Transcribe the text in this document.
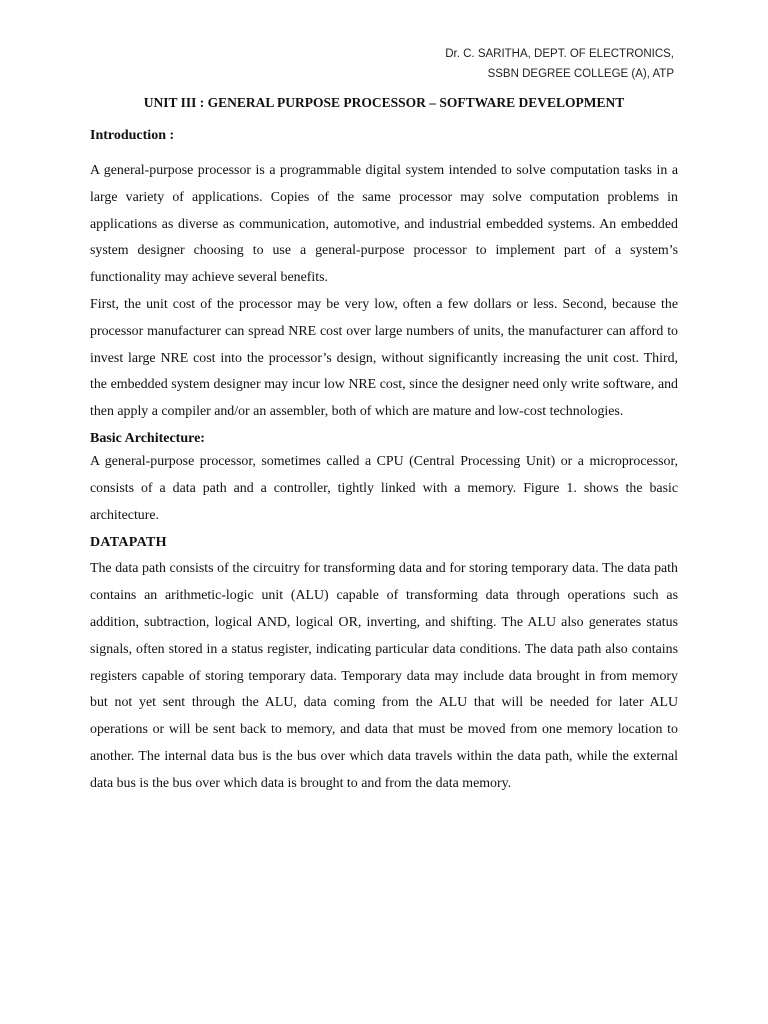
Dr. C. SARITHA, DEPT. OF ELECTRONICS,
SSBN DEGREE COLLEGE (A), ATP
UNIT III : GENERAL PURPOSE PROCESSOR – SOFTWARE DEVELOPMENT
Introduction :

A general-purpose processor is a programmable digital system intended to solve computation tasks in a large variety of applications. Copies of the same processor may solve computation problems in applications as diverse as communication, automotive, and industrial embedded systems. An embedded system designer choosing to use a general-purpose processor to implement part of a system’s functionality may achieve several benefits.

First, the unit cost of the processor may be very low, often a few dollars or less. Second, because the processor manufacturer can spread NRE cost over large numbers of units, the manufacturer can afford to invest large NRE cost into the processor’s design, without significantly increasing the unit cost. Third, the embedded system designer may incur low NRE cost, since the designer need only write software, and then apply a compiler and/or an assembler, both of which are mature and low-cost technologies.

Basic Architecture:

A general-purpose processor, sometimes called a CPU (Central Processing Unit) or a microprocessor, consists of a data path and a controller, tightly linked with a memory. Figure 1. shows the basic architecture.

DATAPATH

The data path consists of the circuitry for transforming data and for storing temporary data. The data path contains an arithmetic-logic unit (ALU) capable of transforming data through operations such as addition, subtraction, logical AND, logical OR, inverting, and shifting. The ALU also generates status signals, often stored in a status register, indicating particular data conditions. The data path also contains registers capable of storing temporary data. Temporary data may include data brought in from memory but not yet sent through the ALU, data coming from the ALU that will be needed for later ALU operations or will be sent back to memory, and data that must be moved from one memory location to another. The internal data bus is the bus over which data travels within the data path, while the external data bus is the bus over which data is brought to and from the data memory.
